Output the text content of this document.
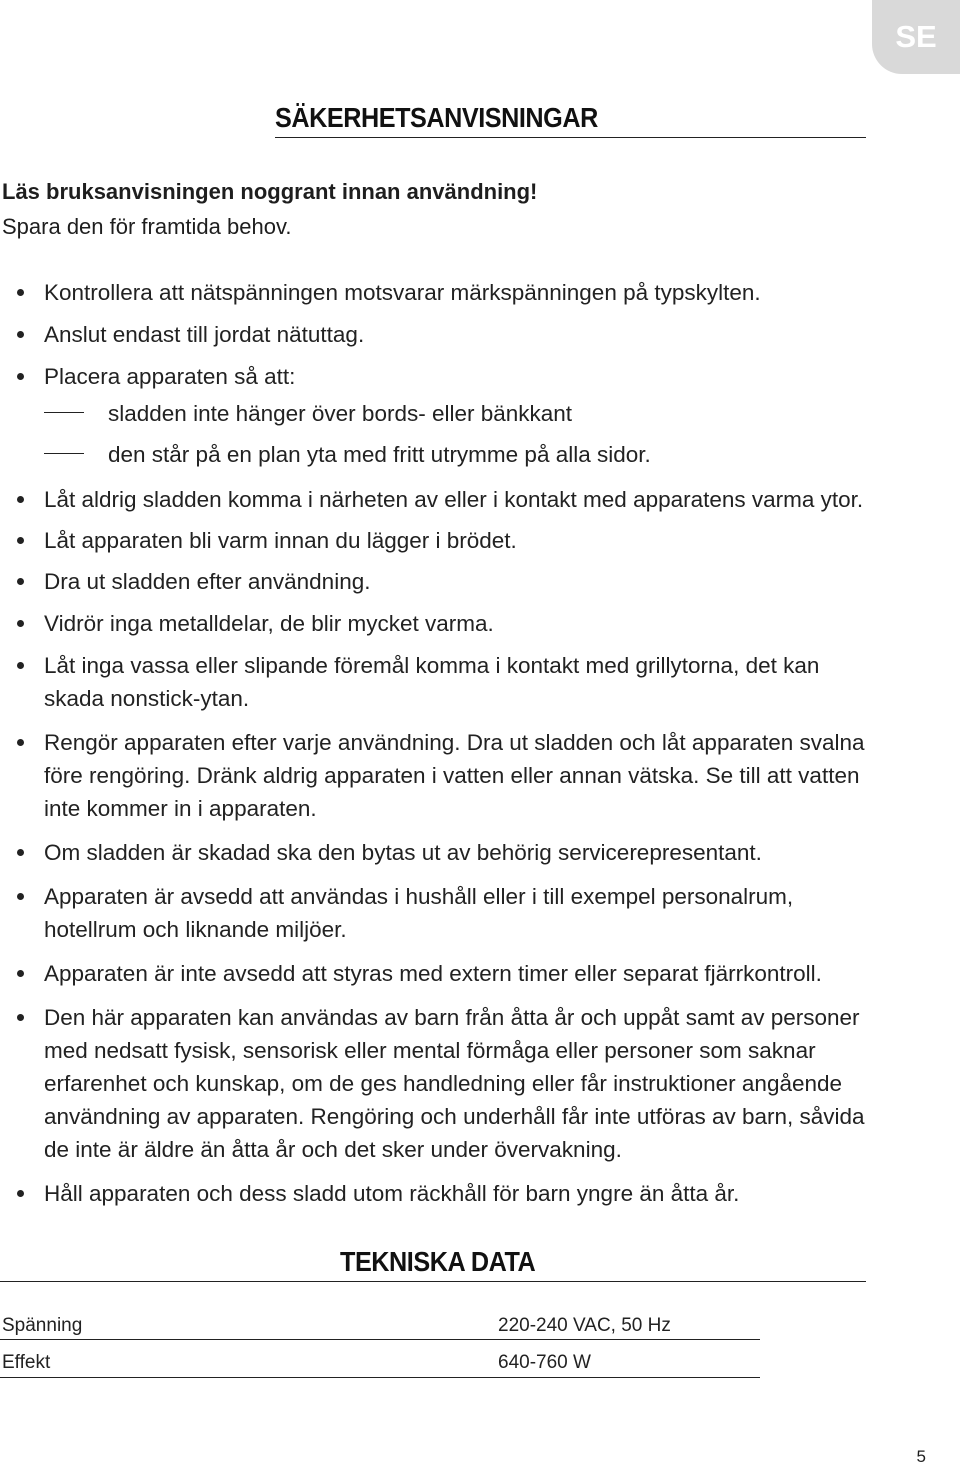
SE
SÄKERHETSANVISNINGAR
Läs bruksanvisningen noggrant innan användning!
Spara den för framtida behov.
Kontrollera att nätspänningen motsvarar märkspänningen på typskylten.
Anslut endast till jordat nätuttag.
Placera apparaten så att:
sladden inte hänger över bords- eller bänkkant
den står på en plan yta med fritt utrymme på alla sidor.
Låt aldrig sladden komma i närheten av eller i kontakt med apparatens varma ytor.
Låt apparaten bli varm innan du lägger i brödet.
Dra ut sladden efter användning.
Vidrör inga metalldelar, de blir mycket varma.
Låt inga vassa eller slipande föremål komma i kontakt med grillytorna, det kan skada nonstick-ytan.
Rengör apparaten efter varje användning. Dra ut sladden och låt apparaten svalna före rengöring. Dränk aldrig apparaten i vatten eller annan vätska. Se till att vatten inte kommer in i apparaten.
Om sladden är skadad ska den bytas ut av behörig servicerepresentant.
Apparaten är avsedd att användas i hushåll eller i till exempel personalrum, hotellrum och liknande miljöer.
Apparaten är inte avsedd att styras med extern timer eller separat fjärrkontroll.
Den här apparaten kan användas av barn från åtta år och uppåt samt av personer med nedsatt fysisk, sensorisk eller mental förmåga eller personer som saknar erfarenhet och kunskap, om de ges handledning eller får instruktioner angående användning av apparaten. Rengöring och underhåll får inte utföras av barn, såvida de inte är äldre än åtta år och det sker under övervakning.
Håll apparaten och dess sladd utom räckhåll för barn yngre än åtta år.
TEKNISKA DATA
Spänning	220-240 VAC, 50 Hz
Effekt	640-760 W
5
